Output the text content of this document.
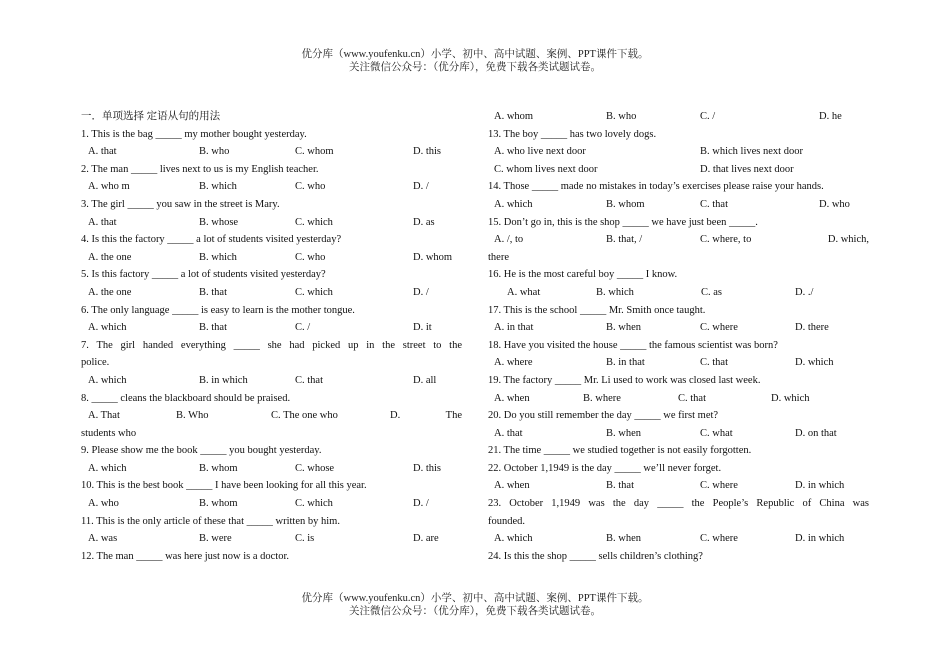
优分库（www.youfenku.cn）小学、初中、高中试题、案例、PPT课件下载。
关注微信公众号：（优分库），免费下载各类试题试卷。
一．单项选择 定语从句的用法
1. This is the bag _____ my mother bought yesterday.
A. that	B. who	C. whom	D. this
2. The man _____ lives next to us is my English teacher.
A. who m	B. which	C. who	D. /
3. The girl _____ you saw in the street is Mary.
A. that	B. whose	C. which	D. as
4. Is this the factory _____ a lot of students visited yesterday?
A. the one	B. which	C. who	D. whom
5. Is this factory _____ a lot of students visited yesterday?
A. the one	B. that	C. which	D. /
6. The only language _____ is easy to learn is the mother tongue.
A. which	B. that	C. /	D. it
7. The girl handed everything _____ she had picked up in the street to the
police.
A. which	B. in which	C. that	D. all
8. _____ cleans the blackboard should be praised.
A. That	B. Who	C. The one who	D.	The
students who
9. Please show me the book _____ you bought yesterday.
A. which	B. whom	C. whose	D. this
10. This is the best book _____ I have been looking for all this year.
A. who	B. whom	C. which	D. /
11. This is the only article of these that _____ written by him.
A. was	B. were	C. is	D. are
12. The man _____ was here just now is a doctor.
A. whom	B. who	C. /	D. he
13. The boy _____ has two lovely dogs.
A. who live next door	B. which lives next door
C. whom lives next door	D. that lives next door
14. Those _____ made no mistakes in today’s exercises please raise your hands.
A. which	B. whom	C. that	D. who
15. Don’t go in, this is the shop _____ we have just been _____.
A. /, to	B. that, /	C. where, to	D. which,
there
16. He is the most careful boy _____ I know.
A. what	B. which	C. as	D. ./
17. This is the school _____ Mr. Smith once taught.
A. in that	B. when	C. where	D. there
18. Have you visited the house _____ the famous scientist was born?
A. where	B. in that	C. that	D. which
19. The factory _____ Mr. Li used to work was closed last week.
A. when	B. where	C. that	D. which
20. Do you still remember the day _____ we first met?
A. that	B. when	C. what	D. on that
21. The time _____ we studied together is not easily forgotten.
22. October 1,1949 is the day _____ we’ll never forget.
A. when	B. that	C. where	D. in which
23. October 1,1949 was the day _____ the People’s Republic of China was
founded.
A. which	B. when	C. where	D. in which
24. Is this the shop _____ sells children’s clothing?
优分库（www.youfenku.cn）小学、初中、高中试题、案例、PPT课件下载。
关注微信公众号：（优分库），免费下载各类试题试卷。
